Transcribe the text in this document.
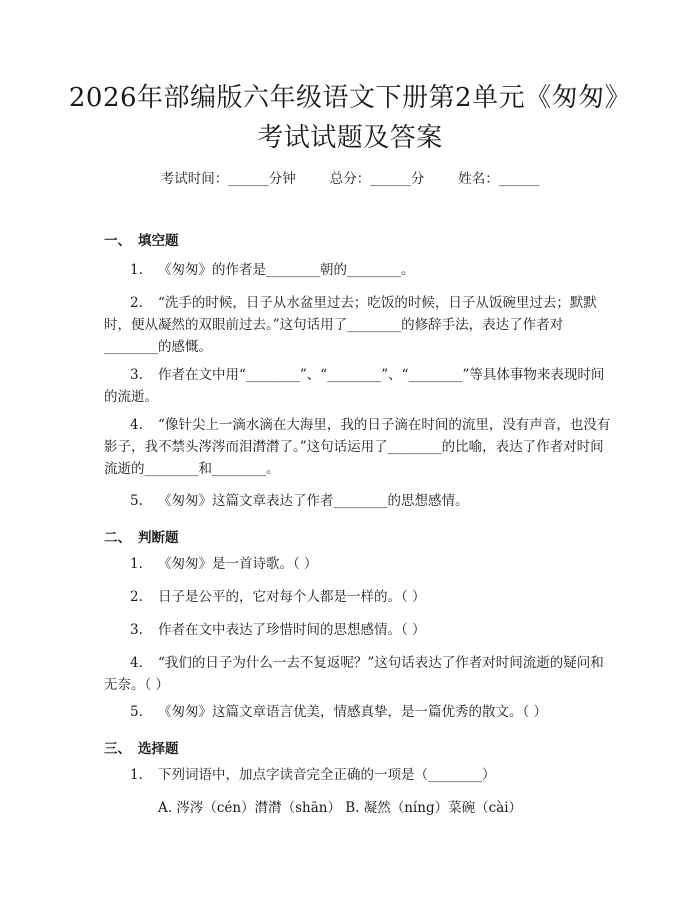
2026年部编版六年级语文下册第2单元《匆匆》考试试题及答案
考试时间：______分钟	总分：______分	姓名：______
一、 填空题
1. 《匆匆》的作者是________朝的________。
2. “洗手的时候，日子从水盆里过去；吃饭的时候，日子从饭碗里过去；默默时，便从凝然的双眼前过去。”这句话用了________的修辞手法，表达了作者对________的感慨。
3. 作者在文中用“________”、“________”、“________”等具体事物来表现时间的流逝。
4. “像针尖上一滴水滴在大海里，我的日子滴在时间的流里，没有声音，也没有影子，我不禁头涔涔而泪潸潸了。”这句话运用了________的比喻，表达了作者对时间流逝的________和________。
5. 《匆匆》这篇文章表达了作者________的思想感情。
二、 判断题
1. 《匆匆》是一首诗歌。（ ）
2. 日子是公平的，它对每个人都是一样的。（ ）
3. 作者在文中表达了珍惜时间的思想感情。（ ）
4. “我们的日子为什么一去不复返呢？”这句话表达了作者对时间流逝的疑问和无奈。（ ）
5. 《匆匆》这篇文章语言优美，情感真挚，是一篇优秀的散文。（ ）
三、 选择题
1. 下列词语中，加点字读音完全正确的一项是（________）
A. 涔涔（cén）潸潸（shān） B. 凝然（níng）菜碗（cài）
